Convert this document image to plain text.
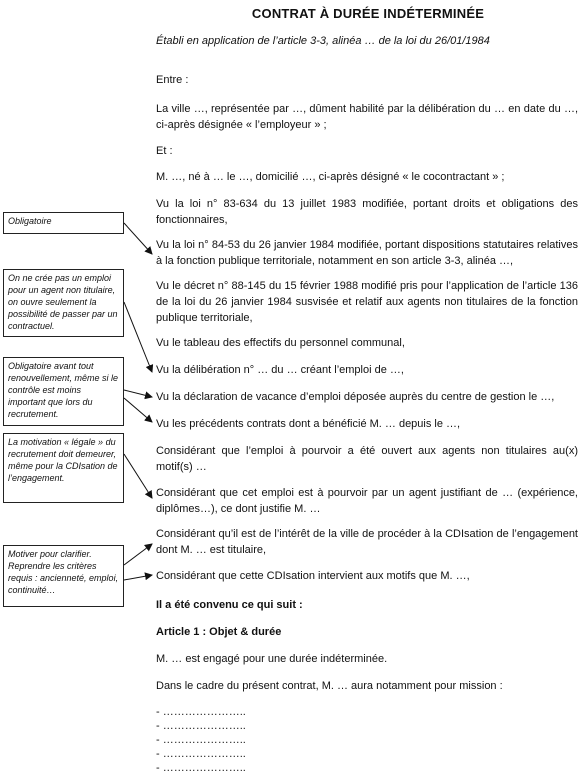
CONTRAT À DURÉE INDÉTERMINÉE
Établi en application de l’article 3-3, alinéa … de la loi du 26/01/1984

Entre :

La ville …, représentée par …, dûment habilité par la délibération du … en date du …, ci-après désignée « l’employeur » ;

Et :

M. …, né à … le …, domicilié …, ci-après désigné « le cocontractant » ;

Vu la loi n° 83-634 du 13 juillet 1983 modifiée, portant droits et obligations des fonctionnaires,

Vu la loi n° 84-53 du 26 janvier 1984 modifiée, portant dispositions statutaires relatives à la fonction publique territoriale, notamment en son article 3-3, alinéa …,

Vu le décret n° 88-145 du 15 février 1988 modifié pris pour l’application de l’article 136 de la loi du 26 janvier 1984 susvisée et relatif aux agents non titulaires de la fonction publique territoriale,

Vu le tableau des effectifs du personnel communal,

Vu la délibération n° … du … créant l’emploi de …,

Vu la déclaration de vacance d’emploi déposée auprès du centre de gestion le …,

Vu les précédents contrats dont a bénéficié M. … depuis le …,

Considérant que l’emploi à pourvoir a été ouvert aux agents non titulaires au(x) motif(s) …

Considérant que cet emploi est à pourvoir par un agent justifiant de … (expérience, diplômes…), ce dont justifie M. …

Considérant qu’il est de l’intérêt de la ville de procéder à la CDIsation de l’engagement dont M. … est titulaire,

Considérant que cette CDIsation intervient aux motifs que M. …,

Il a été convenu ce qui suit :

Article 1 : Objet & durée

M. … est engagé pour une durée indéterminée.

Dans le cadre du présent contrat, M. … aura notamment pour mission :

- …………………..
- …………………..
- …………………..
- …………………..
- …………………..
Obligatoire
On ne crée pas un emploi pour un agent non titulaire, on ouvre seulement la possibilité de passer par un contractuel.
Obligatoire avant tout renouvellement, même si le contrôle est moins important que lors du recrutement.
La motivation « légale » du recrutement doit demeurer, même pour la CDIsation de l’engagement.
Motiver pour clarifier. Reprendre les critères requis : ancienneté, emploi, continuité…
